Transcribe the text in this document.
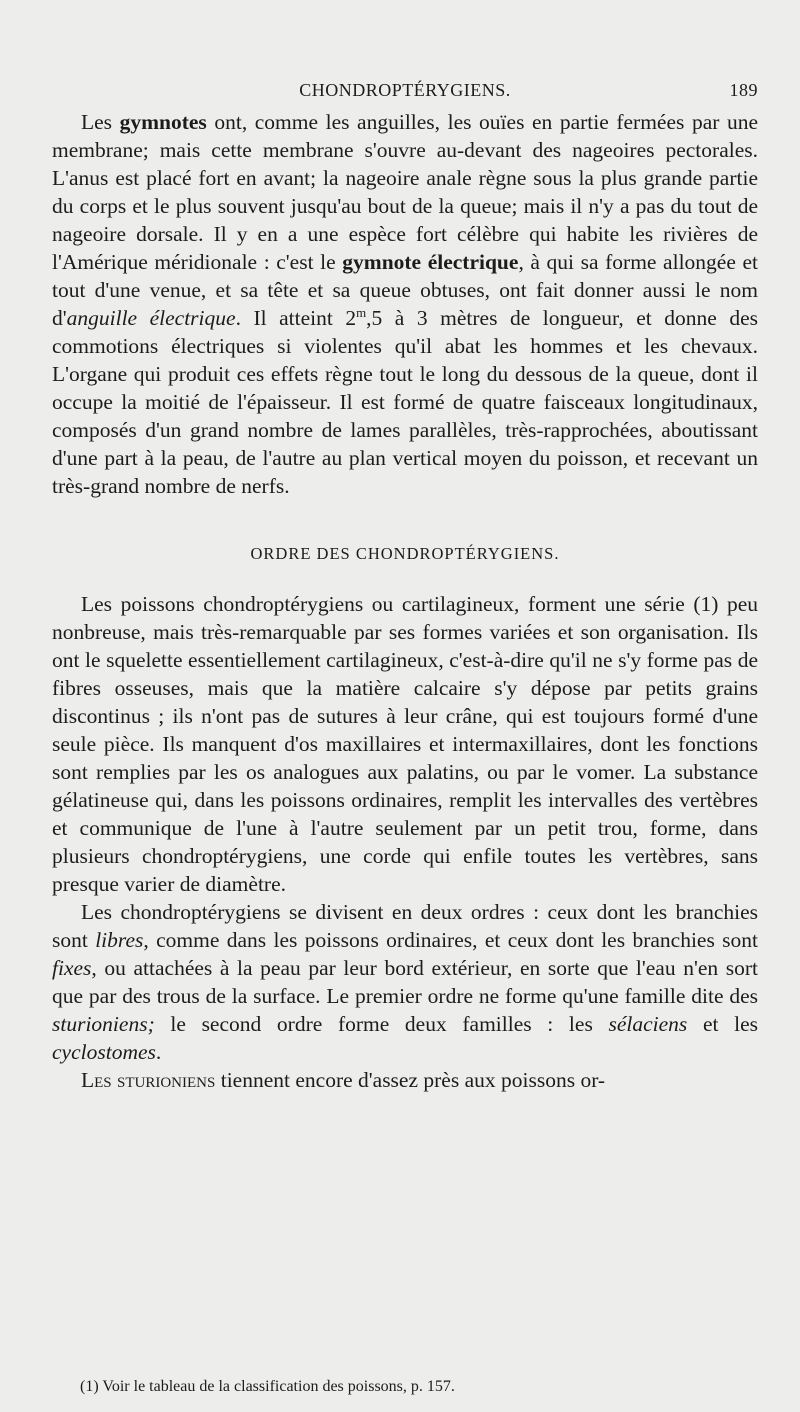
CHONDROPTÉRYGIENS.	189

Les gymnotes ont, comme les anguilles, les ouïes en partie fermées par une membrane; mais cette membrane s'ouvre au-devant des nageoires pectorales. L'anus est placé fort en avant; la nageoire anale règne sous la plus grande partie du corps et le plus souvent jusqu'au bout de la queue; mais il n'y a pas du tout de nageoire dorsale. Il y en a une espèce fort célèbre qui habite les rivières de l'Amérique méridionale : c'est le gymnote électrique, à qui sa forme allongée et tout d'une venue, et sa tête et sa queue obtuses, ont fait donner aussi le nom d'anguille électrique. Il atteint 2$^m$,5 à 3 mètres de longueur, et donne des commotions électriques si violentes qu'il abat les hommes et les chevaux. L'organe qui produit ces effets règne tout le long du dessous de la queue, dont il occupe la moitié de l'épaisseur. Il est formé de quatre faisceaux longitudinaux, composés d'un grand nombre de lames parallèles, très-rapprochées, aboutissant d'une part à la peau, de l'autre au plan vertical moyen du poisson, et recevant un très-grand nombre de nerfs.

ORDRE DES CHONDROPTÉRYGIENS.

Les poissons chondroptérygiens ou cartilagineux, forment une série (1) peu nonbreuse, mais très-remarquable par ses formes variées et son organisation. Ils ont le squelette essentiellement cartilagineux, c'est-à-dire qu'il ne s'y forme pas de fibres osseuses, mais que la matière calcaire s'y dépose par petits grains discontinus ; ils n'ont pas de sutures à leur crâne, qui est toujours formé d'une seule pièce. Ils manquent d'os maxillaires et intermaxillaires, dont les fonctions sont remplies par les os analogues aux palatins, ou par le vomer. La substance gélatineuse qui, dans les poissons ordinaires, remplit les intervalles des vertèbres et communique de l'une à l'autre seulement par un petit trou, forme, dans plusieurs chondroptérygiens, une corde qui enfile toutes les vertèbres, sans presque varier de diamètre.

Les chondroptérygiens se divisent en deux ordres : ceux dont les branchies sont libres, comme dans les poissons ordinaires, et ceux dont les branchies sont fixes, ou attachées à la peau par leur bord extérieur, en sorte que l'eau n'en sort que par des trous de la surface. Le premier ordre ne forme qu'une famille dite des sturioniens; le second ordre forme deux familles : les sélaciens et les cyclostomes.

Les sturioniens tiennent encore d'assez près aux poissons or-

(1) Voir le tableau de la classification des poissons, p. 157.
